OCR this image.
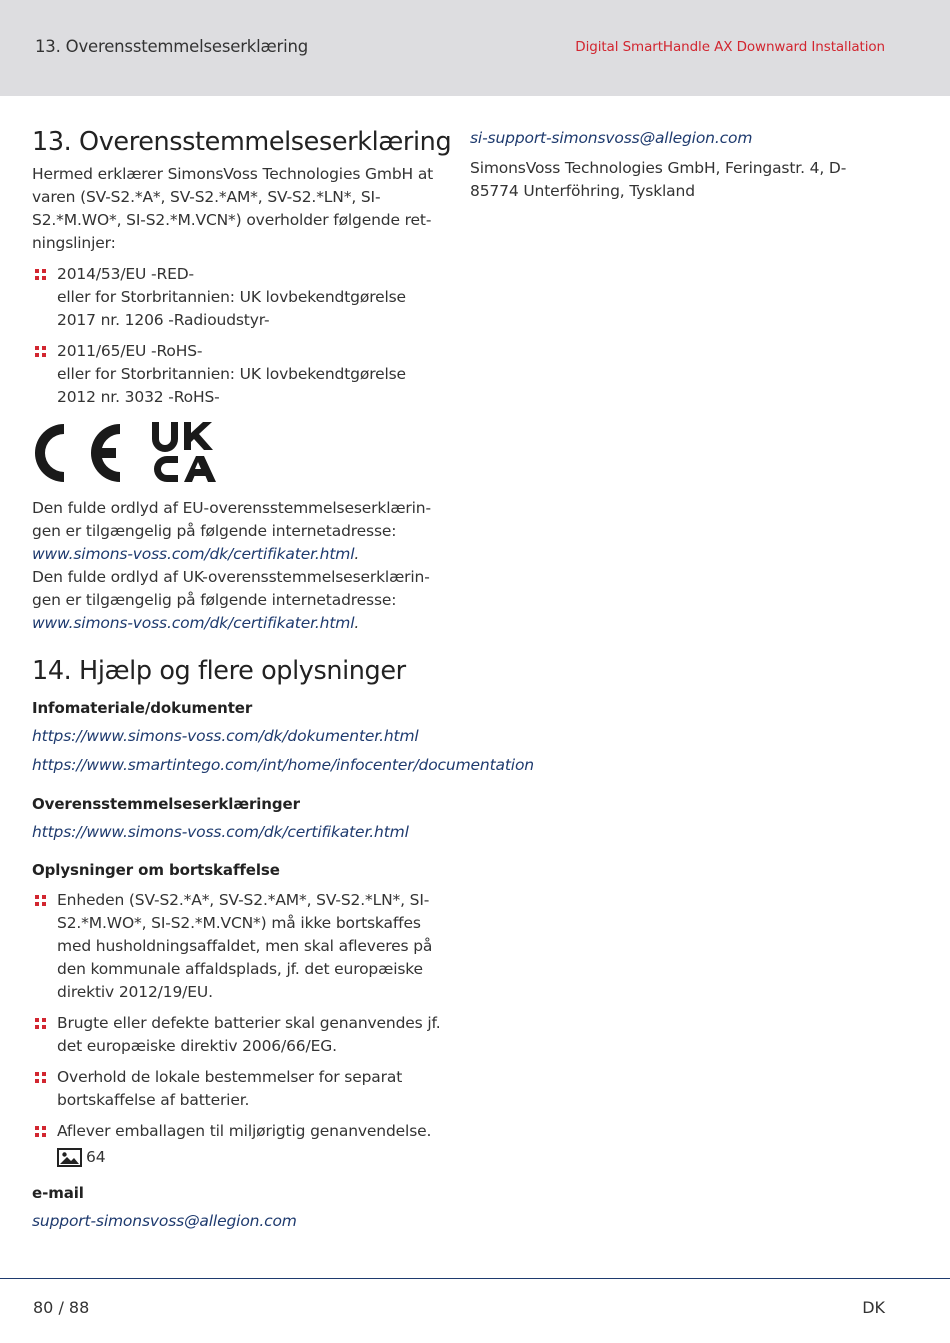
13. Overensstemmelseserklæring	Digital SmartHandle AX Downward Installation
13. Overensstemmelseserklæring
Hermed erklærer SimonsVoss Technologies GmbH at varen (SV-S2.*A*, SV-S2.*AM*, SV-S2.*LN*, SI-S2.*M.WO*, SI-S2.*M.VCN*) overholder følgende ret-ningslinjer:
2014/53/EU -RED-
eller for Storbritannien: UK lovbekendtgørelse 2017 nr. 1206 -Radioudstyr-
2011/65/EU -RoHS-
eller for Storbritannien: UK lovbekendtgørelse 2012 nr. 3032 -RoHS-
Den fulde ordlyd af EU-overensstemmelseserklærin-gen er tilgængelig på følgende internetadresse:
www.simons-voss.com/dk/certifikater.html.
Den fulde ordlyd af UK-overensstemmelseserklærin-gen er tilgængelig på følgende internetadresse:
www.simons-voss.com/dk/certifikater.html.
14. Hjælp og flere oplysninger
Infomateriale/dokumenter
https://www.simons-voss.com/dk/dokumenter.html
https://www.smartintego.com/int/home/infocenter/documentation
Overensstemmelseserklæringer
https://www.simons-voss.com/dk/certifikater.html
Oplysninger om bortskaffelse
Enheden (SV-S2.*A*, SV-S2.*AM*, SV-S2.*LN*, SI-S2.*M.WO*, SI-S2.*M.VCN*) må ikke bortskaffes med husholdningsaffaldet, men skal afleveres på den kommunale affaldsplads, jf. det europæiske direktiv 2012/19/EU.
Brugte eller defekte batterier skal genanvendes jf. det europæiske direktiv 2006/66/EG.
Overhold de lokale bestemmelser for separat bortskaffelse af batterier.
Aflever emballagen til miljørigtig genanvendelse.
64
e-mail
support-simonsvoss@allegion.com
si-support-simonsvoss@allegion.com
SimonsVoss Technologies GmbH, Feringastr. 4, D-85774 Unterföhring, Tyskland
80 / 88	DK
